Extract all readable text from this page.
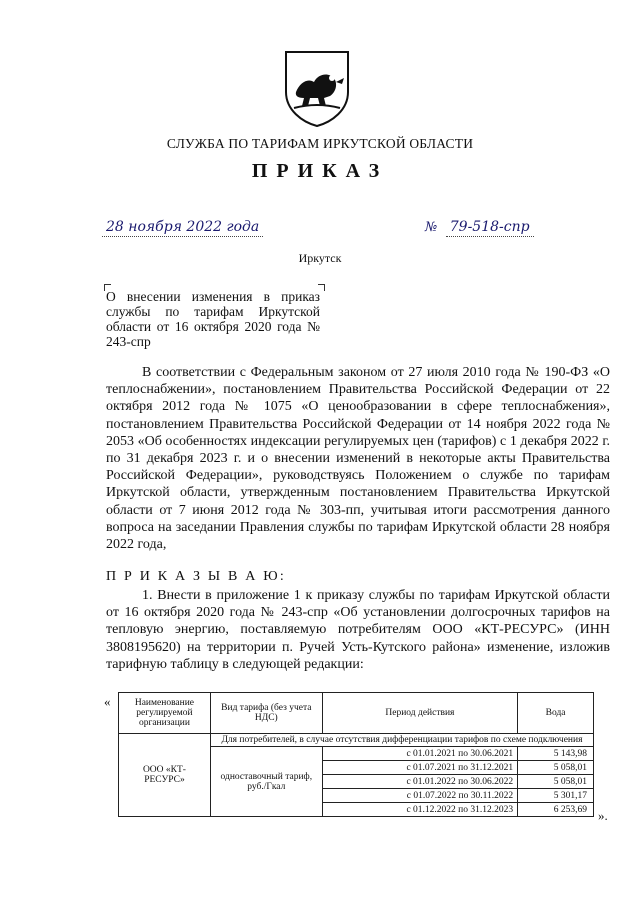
СЛУЖБА ПО ТАРИФАМ ИРКУТСКОЙ ОБЛАСТИ
ПРИКАЗ
28 ноября 2022 года	№ 79-518-спр
Иркутск
О внесении изменения в приказ службы по тарифам Иркутской области от 16 октября 2020 года № 243-спр

В соответствии с Федеральным законом от 27 июля 2010 года № 190-ФЗ «О теплоснабжении», постановлением Правительства Российской Федерации от 22 октября 2012 года № 1075 «О ценообразовании в сфере теплоснабжения», постановлением Правительства Российской Федерации от 14 ноября 2022 года № 2053 «Об особенностях индексации регулируемых цен (тарифов) с 1 декабря 2022 г. по 31 декабря 2023 г. и о внесении изменений в некоторые акты Правительства Российской Федерации», руководствуясь Положением о службе по тарифам Иркутской области, утвержденным постановлением Правительства Иркутской области от 7 июня 2012 года № 303-пп, учитывая итоги рассмотрения данного вопроса на заседании Правления службы по тарифам Иркутской области 28 ноября 2022 года,

П Р И К А З Ы В А Ю:

1. Внести в приложение 1 к приказу службы по тарифам Иркутской области от 16 октября 2020 года № 243-спр «Об установлении долгосрочных тарифов на тепловую энергию, поставляемую потребителям ООО «КТ-РЕСУРС» (ИНН 3808195620) на территории п. Ручей Усть-Кутского района» изменение, изложив тарифную таблицу в следующей редакции:

«	Наименование регулируемой организации	Вид тарифа (без учета НДС)	Период действия	Вода
ООО «КТ-РЕСУРС»	Для потребителей, в случае отсутствия дифференциации тарифов по схеме подключения		
	одноставочный тариф, руб./Гкал	с 01.01.2021 по 30.06.2021	5 143,98
		с 01.07.2021 по 31.12.2021	5 058,01
		с 01.01.2022 по 30.06.2022	5 058,01
		с 01.07.2022 по 30.11.2022	5 301,17
		с 01.12.2022 по 31.12.2023	6 253,69 ».
